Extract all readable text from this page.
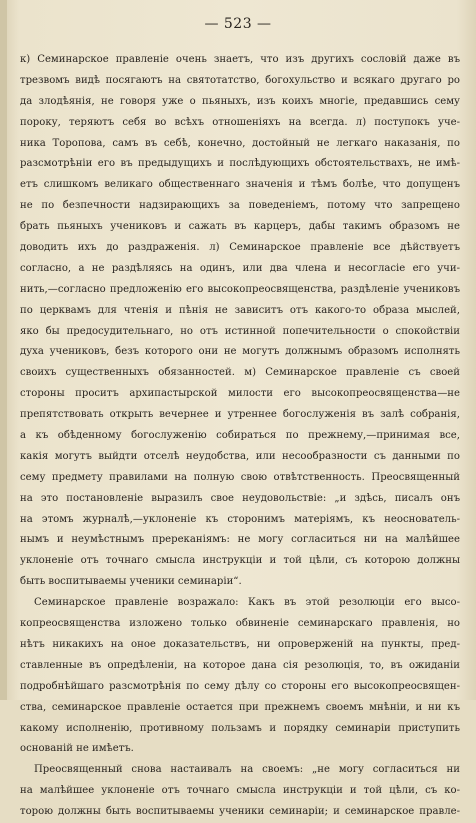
— 523 —
к) Семинарское правленіе очень знаетъ, что изъ другихъ сословій даже въ
трезвомъ видѣ посягаютъ на святотатство, богохульство и всякаго другаго ро
да злодѣянія, не говоря уже о пьяныхъ, изъ коихъ многіе, предавшись сему
пороку, теряютъ себя во всѣхъ отношеніяхъ на всегда. л) поступокъ уче-
ника Торопова, самъ въ себѣ, конечно, достойный не легкаго наказанія, по
разсмотрѣніи его въ предыдущихъ и послѣдующихъ обстоятельствахъ, не имѣ-
етъ слишкомъ великаго общественнаго значенія и тѣмъ болѣе, что допущенъ
не по безпечности надзирающихъ за поведеніемъ, потому что запрещено
брать пьяныхъ учениковъ и сажать въ карцеръ, дабы такимъ образомъ не
доводить ихъ до раздраженія. л) Семинарское правленіе все дѣйствуетъ
согласно, а не раздѣляясь на одинъ, или два члена и несогласіе его учи-
нить,—согласно предложенію его высокопреосвященства, раздѣленіе учениковъ
по церквамъ для чтенія и пѣнія не зависитъ отъ какого-то образа мыслей,
яко бы предосудительнаго, но отъ истинной попечительности о спокойствіи
духа учениковъ, безъ которого они не могутъ должнымъ образомъ исполнять
своихъ существенныхъ обязанностей. м) Семинарское правленіе съ своей
стороны проситъ архипастырской милости его высокопреосвященства—не
препятствовать открыть вечернее и утреннее богослуженія въ залѣ собранія,
а къ обѣденному богослуженію собираться по прежнему,—принимая все,
какія могутъ выйдти отселѣ неудобства, или несообразности съ данными по
сему предмету правилами на полную свою отвѣтственность. Преосвященный
на это постановленіе выразилъ свое неудовольствіе: „и здѣсь, писалъ онъ
на этомъ журналѣ,—уклоненіе къ сторонимъ матеріямъ, къ неоснователь-
нымъ и неумѣстнымъ пререканіямъ: не могу согласиться ни на малѣйшее
уклоненіе отъ точнаго смысла инструкціи и той цѣли, съ которою должны
быть воспитываемы ученики семинаріи“.
Семинарское правленіе возражало: Какъ въ этой резолюціи его высо-
копреосвященства изложено только обвиненіе семинарскаго правленія, но
нѣтъ никакихъ на оное доказательствъ, ни опроверженій на пункты, пред-
ставленные въ опредѣленіи, на которое дана сія резолюція, то, въ ожиданіи
подробнѣйшаго разсмотрѣнія по сему дѣлу со стороны его высокопреосвящен-
ства, семинарское правленіе остается при прежнемъ своемъ мнѣніи, и ни къ
какому исполненію, противному пользамъ и порядку семинаріи приступить
основаній не имѣетъ.
Преосвященный снова настаивалъ на своемъ: „не могу согласиться ни
на малѣйшее уклоненіе отъ точнаго смысла инструкціи и той цѣли, съ ко-
торою должны быть воспитываемы ученики семинаріи; и семинарское правле-
